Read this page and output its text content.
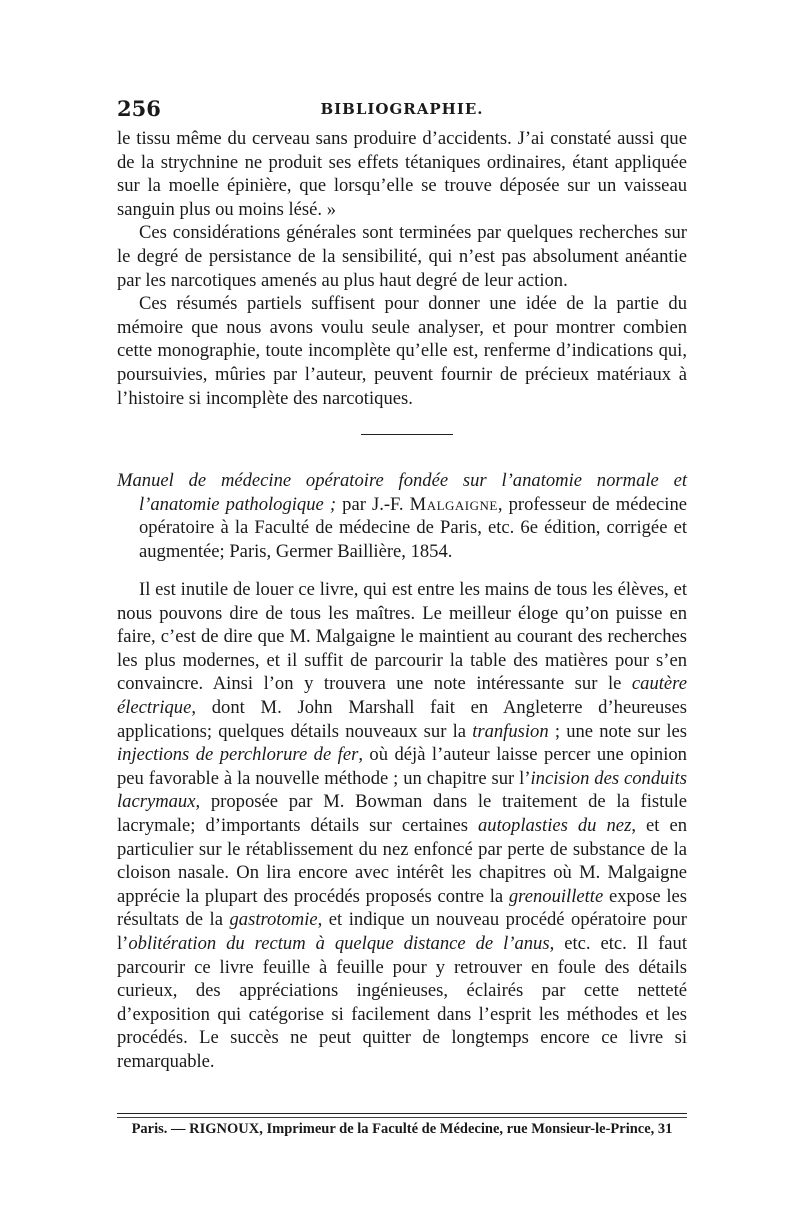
256	BIBLIOGRAPHIE.

le tissu même du cerveau sans produire d’accidents. J’ai constaté aussi que de la strychnine ne produit ses effets tétaniques ordinaires, étant appliquée sur la moelle épinière, que lorsqu’elle se trouve déposée sur un vaisseau sanguin plus ou moins lésé. »

Ces considérations générales sont terminées par quelques recherches sur le degré de persistance de la sensibilité, qui n’est pas absolument anéantie par les narcotiques amenés au plus haut degré de leur action.

Ces résumés partiels suffisent pour donner une idée de la partie du mémoire que nous avons voulu seule analyser, et pour montrer combien cette monographie, toute incomplète qu’elle est, renferme d’indications qui, poursuivies, mûries par l’auteur, peuvent fournir de précieux matériaux à l’histoire si incomplète des narcotiques.

Manuel de médecine opératoire fondée sur l’anatomie normale et l’anatomie pathologique ; par J.-F. Malgaigne, professeur de médecine opératoire à la Faculté de médecine de Paris, etc. 6e édition, corrigée et augmentée; Paris, Germer Baillière, 1854.

Il est inutile de louer ce livre, qui est entre les mains de tous les élèves, et nous pouvons dire de tous les maîtres. Le meilleur éloge qu’on puisse en faire, c’est de dire que M. Malgaigne le maintient au courant des recherches les plus modernes, et il suffit de parcourir la table des matières pour s’en convaincre. Ainsi l’on y trouvera une note intéressante sur le cautère électrique, dont M. John Marshall fait en Angleterre d’heureuses applications; quelques détails nouveaux sur la tranfusion ; une note sur les injections de perchlorure de fer, où déjà l’auteur laisse percer une opinion peu favorable à la nouvelle méthode ; un chapitre sur l’incision des conduits lacrymaux, proposée par M. Bowman dans le traitement de la fistule lacrymale; d’importants détails sur certaines autoplasties du nez, et en particulier sur le rétablissement du nez enfoncé par perte de substance de la cloison nasale. On lira encore avec intérêt les chapitres où M. Malgaigne apprécie la plupart des procédés proposés contre la grenouillette expose les résultats de la gastrotomie, et indique un nouveau procédé opératoire pour l’oblitération du rectum à quelque distance de l’anus, etc. etc. Il faut parcourir ce livre feuille à feuille pour y retrouver en foule des détails curieux, des appréciations ingénieuses, éclairés par cette netteté d’exposition qui catégorise si facilement dans l’esprit les méthodes et les procédés. Le succès ne peut quitter de longtemps encore ce livre si remarquable.

Paris. — RIGNOUX, Imprimeur de la Faculté de Médecine, rue Monsieur-le-Prince, 31
